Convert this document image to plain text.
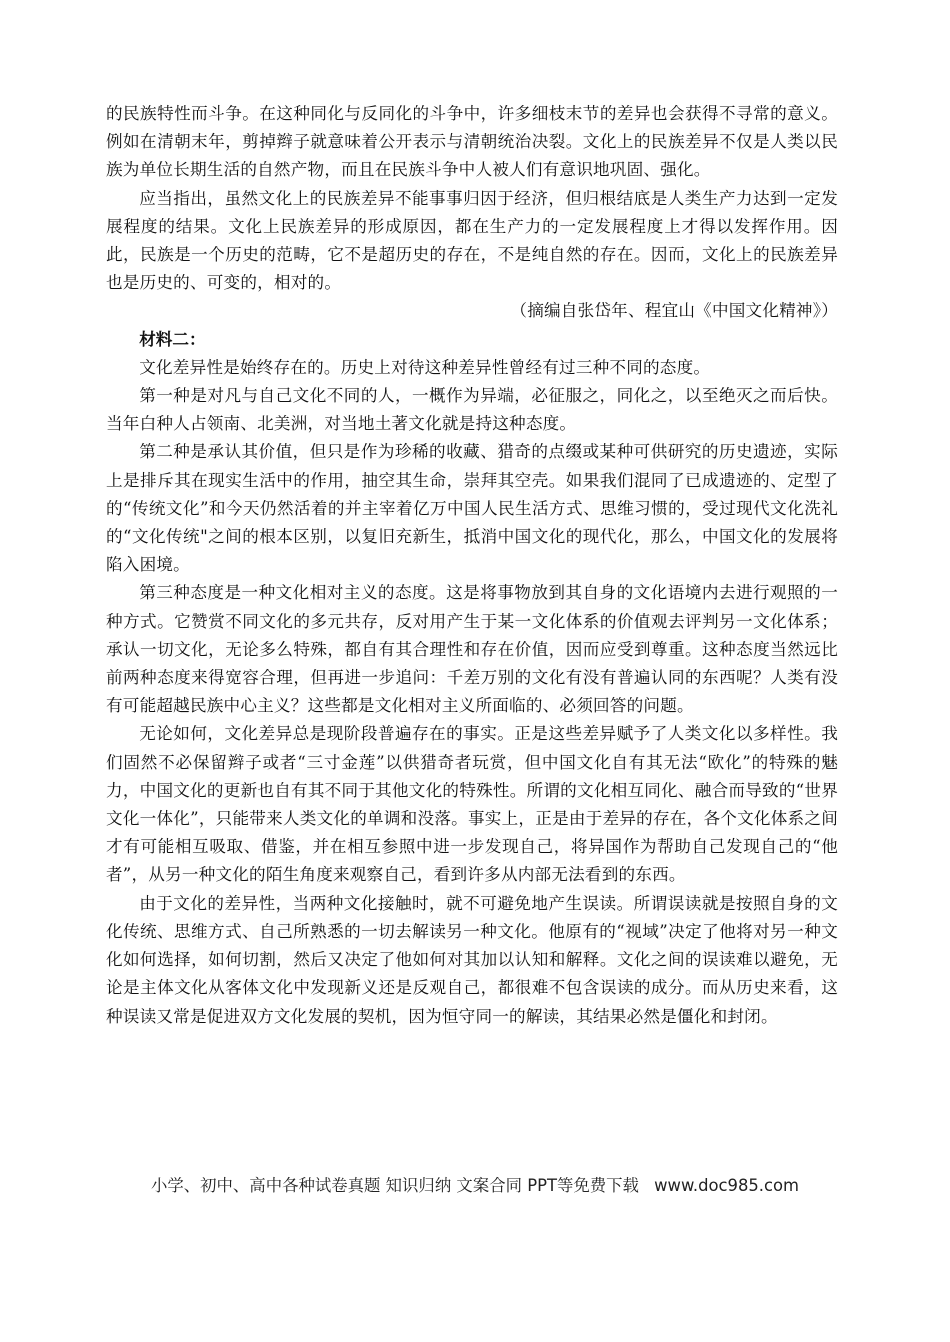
的民族特性而斗争。在这种同化与反同化的斗争中，许多细枝末节的差异也会获得不寻常的意义。例如在清朝末年，剪掉辫子就意味着公开表示与清朝统治决裂。文化上的民族差异不仅是人类以民族为单位长期生活的自然产物，而且在民族斗争中人被人们有意识地巩固、强化。

应当指出，虽然文化上的民族差异不能事事归因于经济，但归根结底是人类生产力达到一定发展程度的结果。文化上民族差异的形成原因，都在生产力的一定发展程度上才得以发挥作用。因此，民族是一个历史的范畴，它不是超历史的存在，不是纯自然的存在。因而，文化上的民族差异也是历史的、可变的，相对的。

（摘编自张岱年、程宜山《中国文化精神》）

材料二：

文化差异性是始终存在的。历史上对待这种差异性曾经有过三种不同的态度。

第一种是对凡与自己文化不同的人，一概作为异端，必征服之，同化之，以至绝灭之而后快。当年白种人占领南、北美洲，对当地土著文化就是持这种态度。

第二种是承认其价值，但只是作为珍稀的收藏、猎奇的点缀或某种可供研究的历史遗迹，实际上是排斥其在现实生活中的作用，抽空其生命，崇拜其空壳。如果我们混同了已成遗迹的、定型了的“传统文化”和今天仍然活着的并主宰着亿万中国人民生活方式、思维习惯的，受过现代文化洗礼的“文化传统"之间的根本区别，以复旧充新生，抵消中国文化的现代化，那么，中国文化的发展将陷入困境。

第三种态度是一种文化相对主义的态度。这是将事物放到其自身的文化语境内去进行观照的一种方式。它赞赏不同文化的多元共存，反对用产生于某一文化体系的价值观去评判另一文化体系；承认一切文化，无论多么特殊，都自有其合理性和存在价值，因而应受到尊重。这种态度当然远比前两种态度来得宽容合理，但再进一步追问：千差万别的文化有没有普遍认同的东西呢？人类有没有可能超越民族中心主义？这些都是文化相对主义所面临的、必须回答的问题。

无论如何，文化差异总是现阶段普遍存在的事实。正是这些差异赋予了人类文化以多样性。我们固然不必保留辫子或者“三寸金莲”以供猎奇者玩赏，但中国文化自有其无法“欧化”的特殊的魅力，中国文化的更新也自有其不同于其他文化的特殊性。所谓的文化相互同化、融合而导致的“世界文化一体化”，只能带来人类文化的单调和没落。事实上，正是由于差异的存在，各个文化体系之间才有可能相互吸取、借鉴，并在相互参照中进一步发现自己，将异国作为帮助自己发现自己的“他者”，从另一种文化的陌生角度来观察自己，看到许多从内部无法看到的东西。

由于文化的差异性，当两种文化接触时，就不可避免地产生误读。所谓误读就是按照自身的文化传统、思维方式、自己所熟悉的一切去解读另一种文化。他原有的“视域”决定了他将对另一种文化如何选择，如何切割，然后又决定了他如何对其加以认知和解释。文化之间的误读难以避免，无论是主体文化从客体文化中发现新义还是反观自己，都很难不包含误读的成分。而从历史来看，这种误读又常是促进双方文化发展的契机，因为恒守同一的解读，其结果必然是僵化和封闭。

小学、初中、高中各种试卷真题 知识归纳 文案合同 PPT等免费下载 www.doc985.com
